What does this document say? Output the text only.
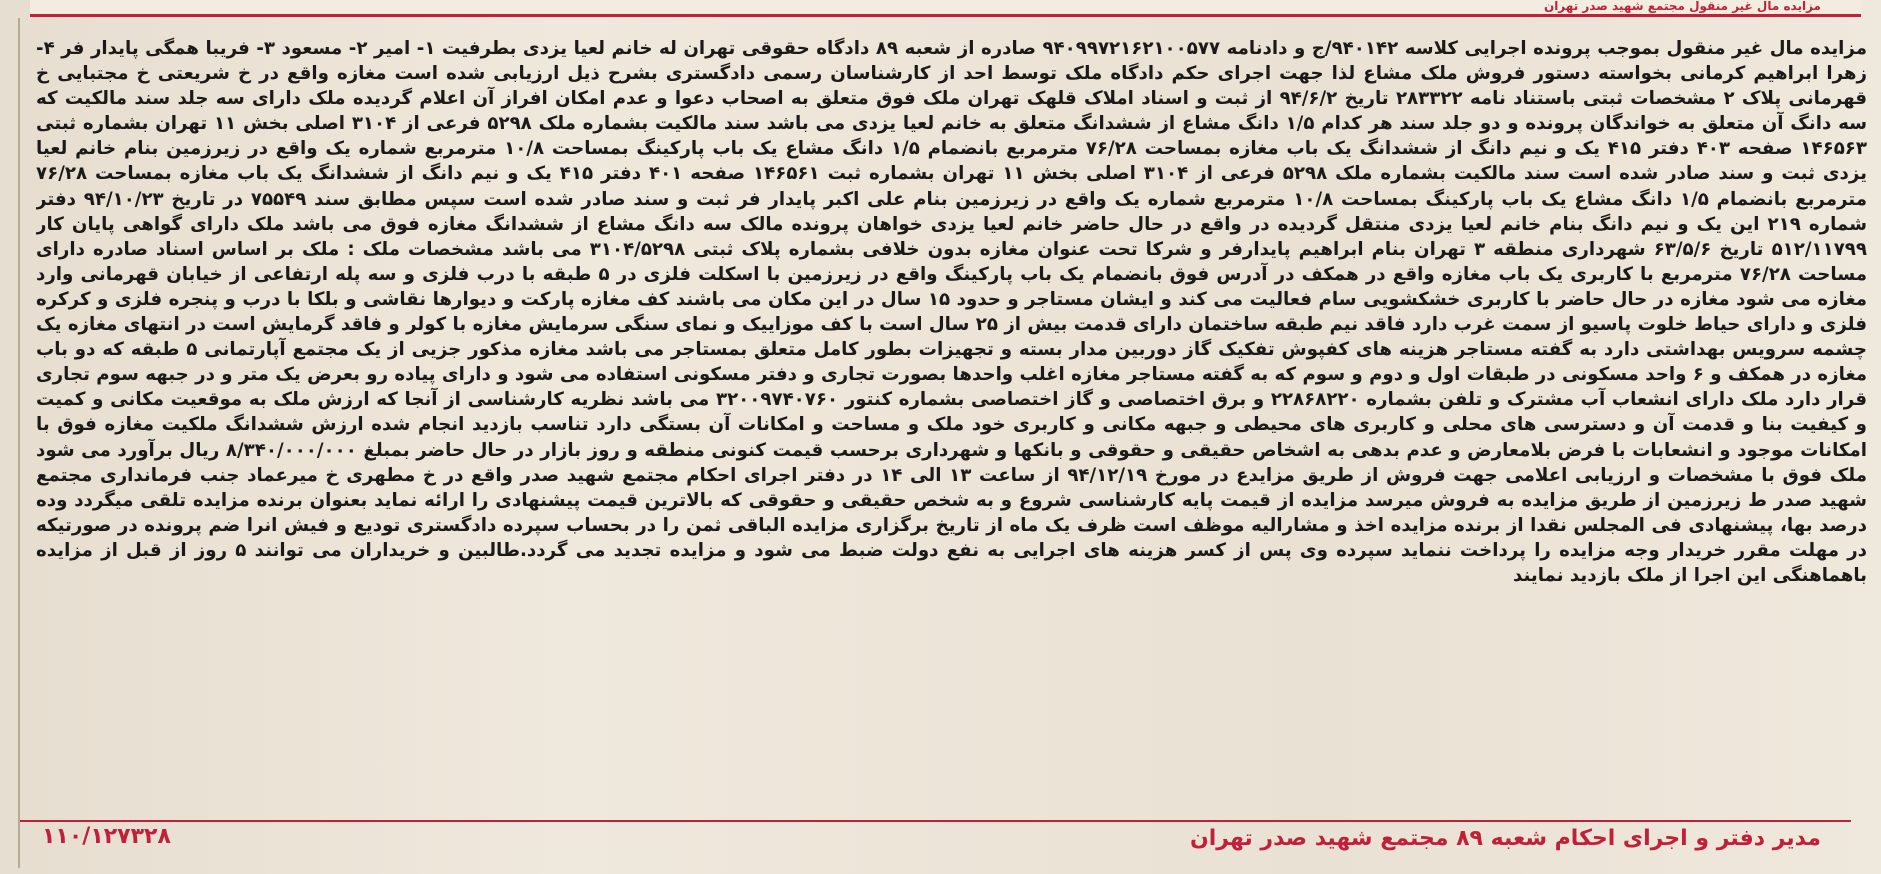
مزایده مال غیر منقول مجتمع شهید صدر تهران
مزایده مال غیر منقول بموجب پرونده اجرایی کلاسه ۹۴۰۱۴۲/ج و دادنامه ۹۴۰۹۹۷۲۱۶۲۱۰۰۵۷۷ صادره از شعبه ۸۹ دادگاه حقوقی تهران له خانم لعیا یزدی بطرفیت ۱- امیر ۲- مسعود ۳- فریبا همگی پایدار فر ۴- زهرا ابراهیم کرمانی بخواسته دستور فروش ملک مشاع لذا جهت اجرای حکم دادگاه ملک توسط احد از کارشناسان رسمی دادگستری بشرح ذیل ارزیابی شده است مغازه واقع در خ شریعتی خ مجتبایی خ قهرمانی پلاک ۲ مشخصات ثبتی باستناد نامه ۲۸۳۳۲۲ تاریخ ۹۴/۶/۲ از ثبت و اسناد املاک قلهک تهران ملک فوق متعلق به اصحاب دعوا و عدم امکان افراز آن اعلام گردیده ملک دارای سه جلد سند مالکیت که سه دانگ آن متعلق به خواندگان پرونده و دو جلد سند هر کدام ۱/۵ دانگ مشاع از ششدانگ متعلق به خانم لعیا یزدی می باشد سند مالکیت بشماره ملک ۵۲۹۸ فرعی از ۳۱۰۴ اصلی بخش ۱۱ تهران بشماره ثبتی ۱۴۶۵۶۳ صفحه ۴۰۳ دفتر ۴۱۵ یک و نیم دانگ از ششدانگ یک باب مغازه بمساحت ۷۶/۲۸ مترمربع بانضمام ۱/۵ دانگ مشاع یک باب پارکینگ بمساحت ۱۰/۸ مترمربع شماره یک واقع در زیرزمین بنام خانم لعیا یزدی ثبت و سند صادر شده است سند مالکیت بشماره ملک ۵۲۹۸ فرعی از ۳۱۰۴ اصلی بخش ۱۱ تهران بشماره ثبت ۱۴۶۵۶۱ صفحه ۴۰۱ دفتر ۴۱۵ یک و نیم دانگ از ششدانگ یک باب مغازه بمساحت ۷۶/۲۸ مترمربع بانضمام ۱/۵ دانگ مشاع یک باب پارکینگ بمساحت ۱۰/۸ مترمربع شماره یک واقع در زیرزمین بنام علی اکبر پایدار فر ثبت و سند صادر شده است سپس مطابق سند ۷۵۵۴۹ در تاریخ ۹۴/۱۰/۲۳ دفتر شماره ۲۱۹ این یک و نیم دانگ بنام خانم لعیا یزدی منتقل گردیده در واقع در حال حاضر خانم لعیا یزدی خواهان پرونده مالک سه دانگ مشاع از ششدانگ مغازه فوق می باشد ملک دارای گواهی پایان کار ۵۱۲/۱۱۷۹۹ تاریخ ۶۳/۵/۶ شهرداری منطقه ۳ تهران بنام ابراهیم پایدارفر و شرکا تحت عنوان مغازه بدون خلافی بشماره پلاک ثبتی ۳۱۰۴/۵۲۹۸ می باشد مشخصات ملک : ملک بر اساس اسناد صادره دارای مساحت ۷۶/۲۸ مترمربع با کاربری یک باب مغازه واقع در همکف در آدرس فوق بانضمام یک باب پارکینگ واقع در زیرزمین با اسکلت فلزی در ۵ طبقه با درب فلزی و سه پله ارتفاعی از خیابان قهرمانی وارد مغازه می شود مغازه در حال حاضر با کاربری خشکشویی سام فعالیت می کند و ایشان مستاجر و حدود ۱۵ سال در این مکان می باشند کف مغازه پارکت و دیوارها نقاشی و بلکا با درب و پنجره فلزی و کرکره فلزی و دارای حیاط خلوت پاسیو از سمت غرب دارد فاقد نیم طبقه ساختمان دارای قدمت بیش از ۲۵ سال است با کف موزاییک و نمای سنگی سرمایش مغازه با کولر و فاقد گرمایش است در انتهای مغازه یک چشمه سرویس بهداشتی دارد به گفته مستاجر هزینه های کفپوش تفکیک گاز دوربین مدار بسته و تجهیزات بطور کامل متعلق بمستاجر می باشد مغازه مذکور جزیی از یک مجتمع آپارتمانی ۵ طبقه که دو باب مغازه در همکف و ۶ واحد مسکونی در طبقات اول و دوم و سوم که به گفته مستاجر مغازه اغلب واحدها بصورت تجاری و دفتر مسکونی استفاده می شود و دارای پیاده رو بعرض یک متر و در جبهه سوم تجاری قرار دارد ملک دارای انشعاب آب مشترک و تلفن بشماره ۲۲۸۶۸۲۲۰ و برق اختصاصی و گاز اختصاصی بشماره کنتور ۳۲۰۰۹۷۴۰۷۶۰ می باشد نظریه کارشناسی از آنجا که ارزش ملک به موقعیت مکانی و کمیت و کیفیت بنا و قدمت آن و دسترسی های محلی و کاربری های محیطی و جبهه مکانی و کاربری خود ملک و مساحت و امکانات آن بستگی دارد تناسب بازدید انجام شده ارزش ششدانگ ملکیت مغازه فوق با امکانات موجود و انشعابات با فرض بلامعارض و عدم بدهی به اشخاص حقیقی و حقوقی و بانکها و شهرداری برحسب قیمت کنونی منطقه و روز بازار در حال حاضر بمبلغ ۸/۳۴۰/۰۰۰/۰۰۰ ریال برآورد می شود ملک فوق با مشخصات و ارزیابی اعلامی جهت فروش از طریق مزایدع در مورخ ۹۴/۱۲/۱۹ از ساعت ۱۳ الی ۱۴ در دفتر اجرای احکام مجتمع شهید صدر واقع در خ مطهری خ میرعماد جنب فرمانداری مجتمع شهید صدر ط زیرزمین از طریق مزایده به فروش میرسد مزایده از قیمت پایه کارشناسی شروع و به شخص حقیقی و حقوقی که بالاترین قیمت پیشنهادی را ارائه نماید بعنوان برنده مزایده تلقی میگردد وده درصد بها، پیشنهادی فی المجلس نقدا از برنده مزایده اخذ و مشارالیه موظف است ظرف یک ماه از تاریخ برگزاری مزایده الباقی ثمن را در بحساب سپرده دادگستری تودیع و فیش انرا ضم پرونده در صورتیکه در مهلت مقرر خریدار وجه مزایده را پرداخت ننماید سپرده وی پس از کسر هزینه های اجرایی به نفع دولت ضبط می شود و مزایده تجدید می گردد.طالبین و خریداران می توانند ۵ روز از قبل از مزایده باهماهنگی این اجرا از ملک بازدید نمایند
مدیر دفتر و اجرای احکام شعبه ۸۹ مجتمع شهید صدر تهران
۱۱۰/۱۲۷۳۲۸
